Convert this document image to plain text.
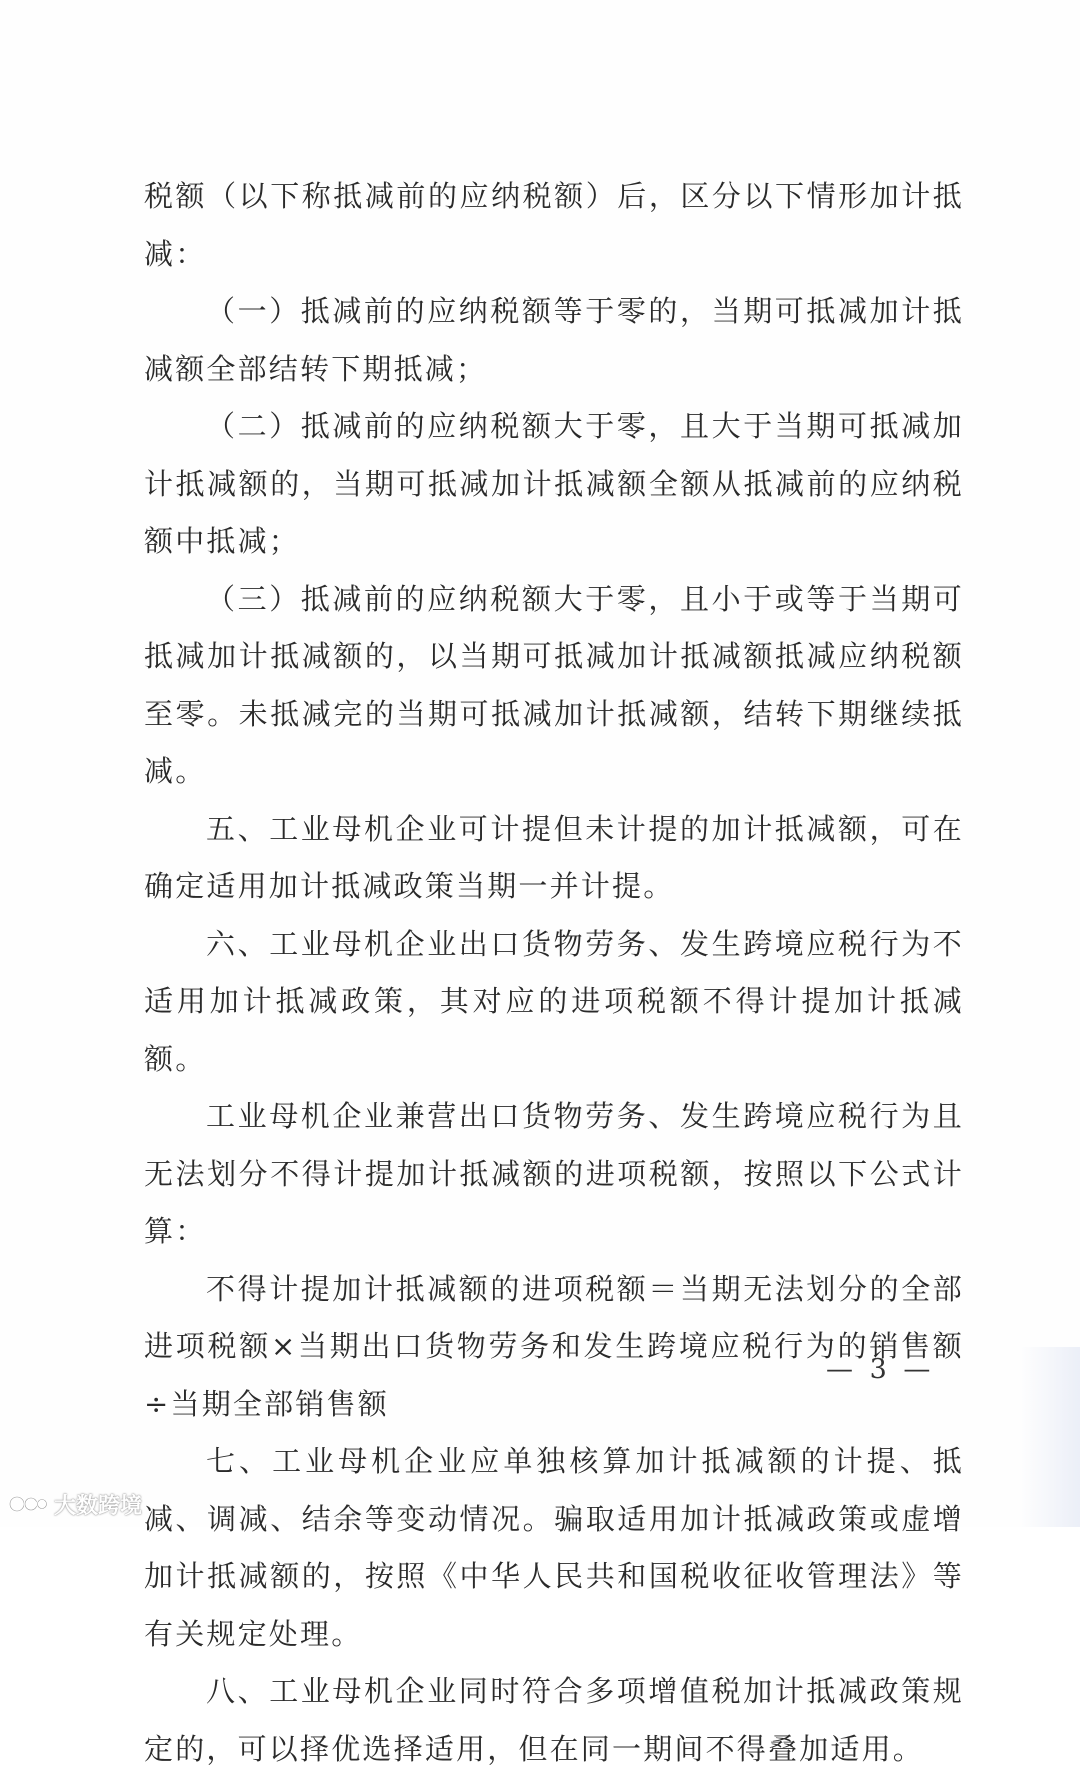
税额（以下称抵减前的应纳税额）后，区分以下情形加计抵减：

（一）抵减前的应纳税额等于零的，当期可抵减加计抵减额全部结转下期抵减；

（二）抵减前的应纳税额大于零，且大于当期可抵减加计抵减额的，当期可抵减加计抵减额全额从抵减前的应纳税额中抵减；

（三）抵减前的应纳税额大于零，且小于或等于当期可抵减加计抵减额的，以当期可抵减加计抵减额抵减应纳税额至零。未抵减完的当期可抵减加计抵减额，结转下期继续抵减。

五、工业母机企业可计提但未计提的加计抵减额，可在确定适用加计抵减政策当期一并计提。

六、工业母机企业出口货物劳务、发生跨境应税行为不适用加计抵减政策，其对应的进项税额不得计提加计抵减额。

工业母机企业兼营出口货物劳务、发生跨境应税行为且无法划分不得计提加计抵减额的进项税额，按照以下公式计算：

不得计提加计抵减额的进项税额＝当期无法划分的全部进项税额×当期出口货物劳务和发生跨境应税行为的销售额÷当期全部销售额

七、工业母机企业应单独核算加计抵减额的计提、抵减、调减、结余等变动情况。骗取适用加计抵减政策或虚增加计抵减额的，按照《中华人民共和国税收征收管理法》等有关规定处理。

八、工业母机企业同时符合多项增值税加计抵减政策规定的，可以择优选择适用，但在同一期间不得叠加适用。

— 3 —
大数跨境
